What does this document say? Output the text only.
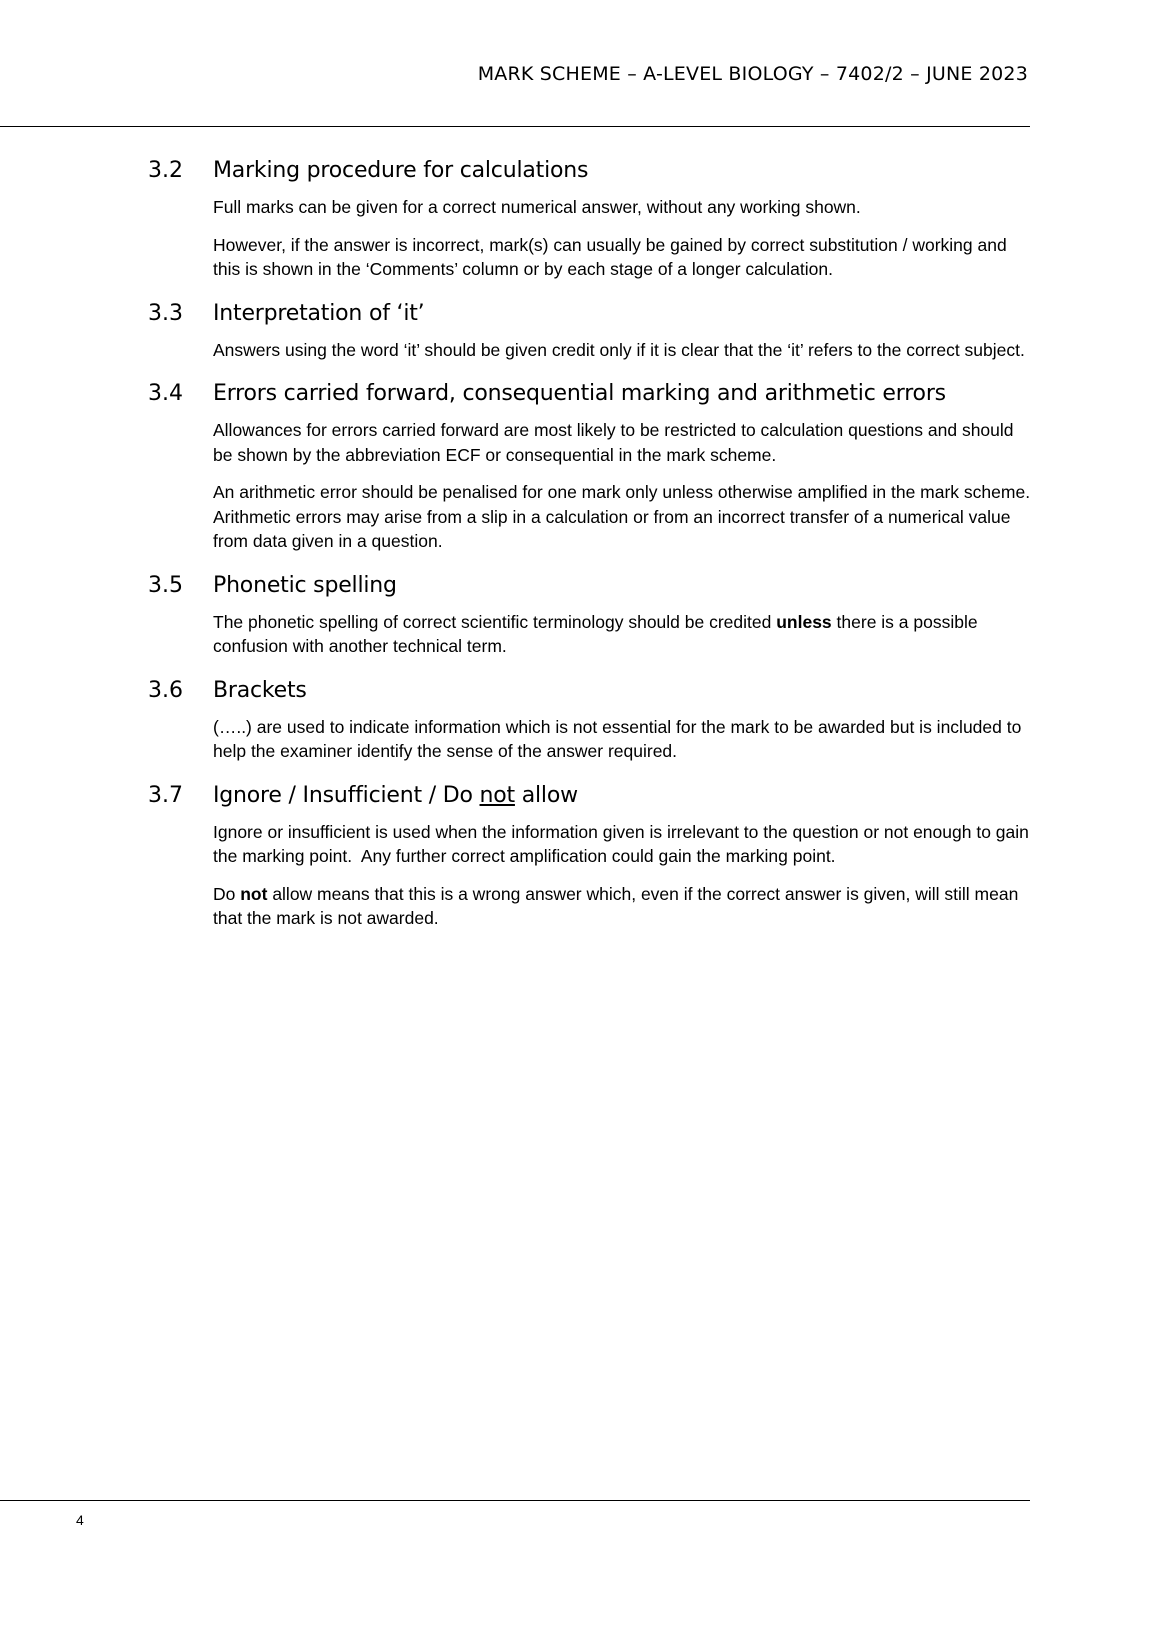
MARK SCHEME – A-LEVEL BIOLOGY – 7402/2 – JUNE 2023
3.2	Marking procedure for calculations

Full marks can be given for a correct numerical answer, without any working shown.

However, if the answer is incorrect, mark(s) can usually be gained by correct substitution / working and this is shown in the ‘Comments’ column or by each stage of a longer calculation.

3.3	Interpretation of ‘it’

Answers using the word ‘it’ should be given credit only if it is clear that the ‘it’ refers to the correct subject.

3.4	Errors carried forward, consequential marking and arithmetic errors

Allowances for errors carried forward are most likely to be restricted to calculation questions and should be shown by the abbreviation ECF or consequential in the mark scheme.

An arithmetic error should be penalised for one mark only unless otherwise amplified in the mark scheme.  Arithmetic errors may arise from a slip in a calculation or from an incorrect transfer of a numerical value from data given in a question.

3.5	Phonetic spelling

The phonetic spelling of correct scientific terminology should be credited unless there is a possible confusion with another technical term.

3.6	Brackets

(…..) are used to indicate information which is not essential for the mark to be awarded but is included to help the examiner identify the sense of the answer required.

3.7	Ignore / Insufficient / Do not allow

Ignore or insufficient is used when the information given is irrelevant to the question or not enough to gain the marking point.  Any further correct amplification could gain the marking point.

Do not allow means that this is a wrong answer which, even if the correct answer is given, will still mean that the mark is not awarded.

4
